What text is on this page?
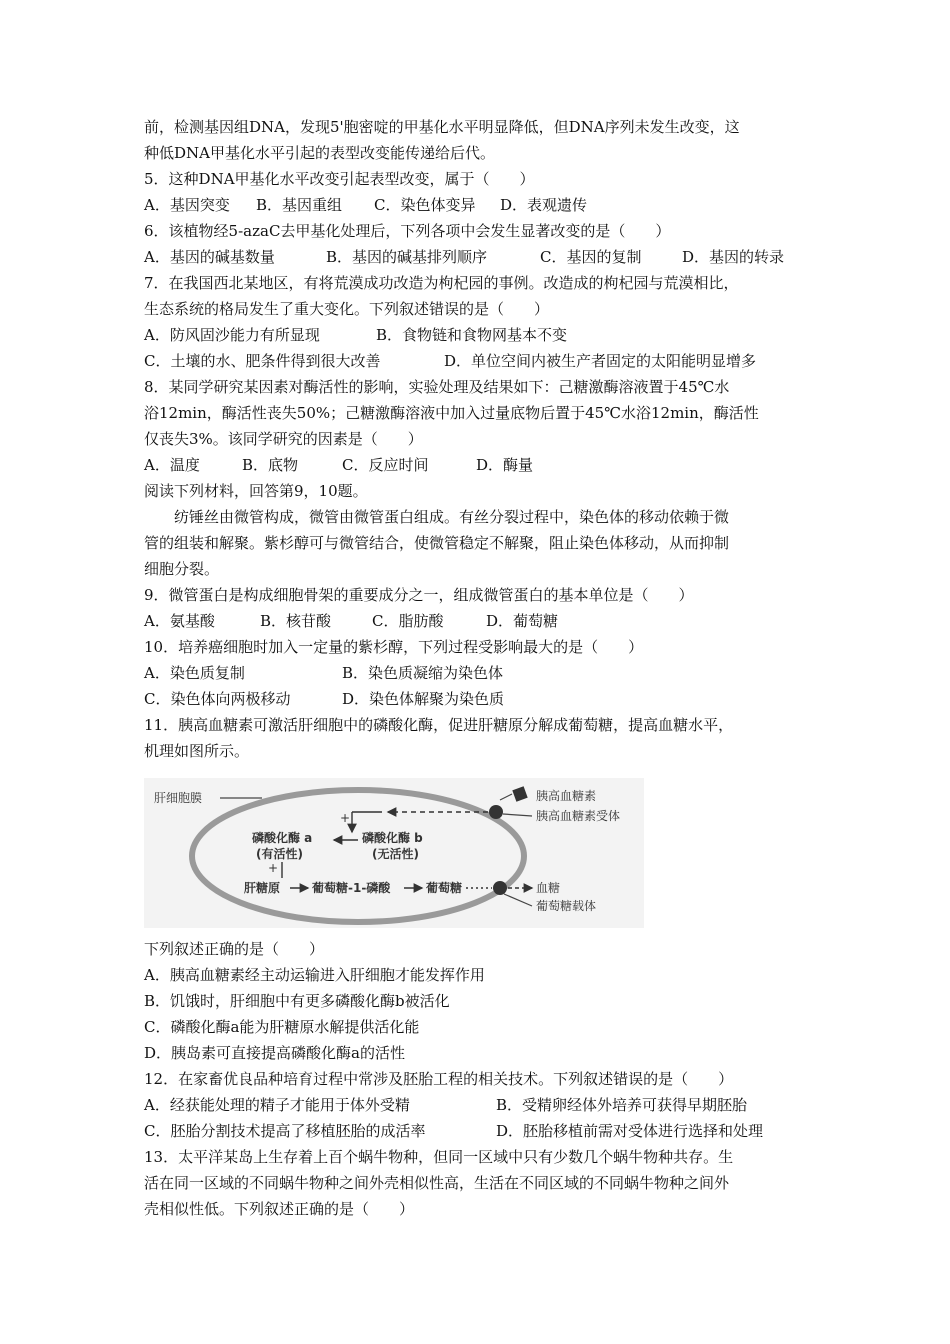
前，检测基因组DNA，发现5'胞密啶的甲基化水平明显降低，但DNA序列未发生改变，这
种低DNA甲基化水平引起的表型改变能传递给后代。
5．这种DNA甲基化水平改变引起表型改变，属于（　　）
A．基因突变	B．基因重组	C．染色体变异	D．表观遗传
6．该植物经5-azaC去甲基化处理后，下列各项中会发生显著改变的是（　　）
A．基因的碱基数量	B．基因的碱基排列顺序	C．基因的复制	D．基因的转录
7．在我国西北某地区，有将荒漠成功改造为枸杞园的事例。改造成的枸杞园与荒漠相比，
生态系统的格局发生了重大变化。下列叙述错误的是（　　）
A．防风固沙能力有所显现	B．食物链和食物网基本不变
C．土壤的水、肥条件得到很大改善	D．单位空间内被生产者固定的太阳能明显增多
8．某同学研究某因素对酶活性的影响，实验处理及结果如下：己糖激酶溶液置于45℃水
浴12min，酶活性丧失50%；己糖激酶溶液中加入过量底物后置于45℃水浴12min，酶活性
仅丧失3%。该同学研究的因素是（　　）
A．温度	B．底物	C．反应时间	D．酶量
阅读下列材料，回答第9，10题。
纺锤丝由微管构成，微管由微管蛋白组成。有丝分裂过程中，染色体的移动依赖于微
管的组装和解聚。紫杉醇可与微管结合，使微管稳定不解聚，阻止染色体移动，从而抑制
细胞分裂。
9．微管蛋白是构成细胞骨架的重要成分之一，组成微管蛋白的基本单位是（　　）
A．氨基酸	B．核苷酸	C．脂肪酸	D．葡萄糖
10．培养癌细胞时加入一定量的紫杉醇，下列过程受影响最大的是（　　）
A．染色质复制	B．染色质凝缩为染色体
C．染色体向两极移动	D．染色体解聚为染色质
11．胰高血糖素可激活肝细胞中的磷酸化酶，促进肝糖原分解成葡萄糖，提高血糖水平，
机理如图所示。
肝细胞膜	胰高血糖素
胰高血糖素受体
+
磷酸化酶 a
(有活性)
磷酸化酶 b
(无活性)
+
肝糖原	葡萄糖-1-磷酸	葡萄糖	血糖
葡萄糖载体
下列叙述正确的是（　　）
A．胰高血糖素经主动运输进入肝细胞才能发挥作用
B．饥饿时，肝细胞中有更多磷酸化酶b被活化
C．磷酸化酶a能为肝糖原水解提供活化能
D．胰岛素可直接提高磷酸化酶a的活性
12．在家畜优良品种培育过程中常涉及胚胎工程的相关技术。下列叙述错误的是（　　）
A．经获能处理的精子才能用于体外受精	B．受精卵经体外培养可获得早期胚胎
C．胚胎分割技术提高了移植胚胎的成活率	D．胚胎移植前需对受体进行选择和处理
13．太平洋某岛上生存着上百个蜗牛物种，但同一区域中只有少数几个蜗牛物种共存。生
活在同一区域的不同蜗牛物种之间外壳相似性高，生活在不同区域的不同蜗牛物种之间外
壳相似性低。下列叙述正确的是（　　）
